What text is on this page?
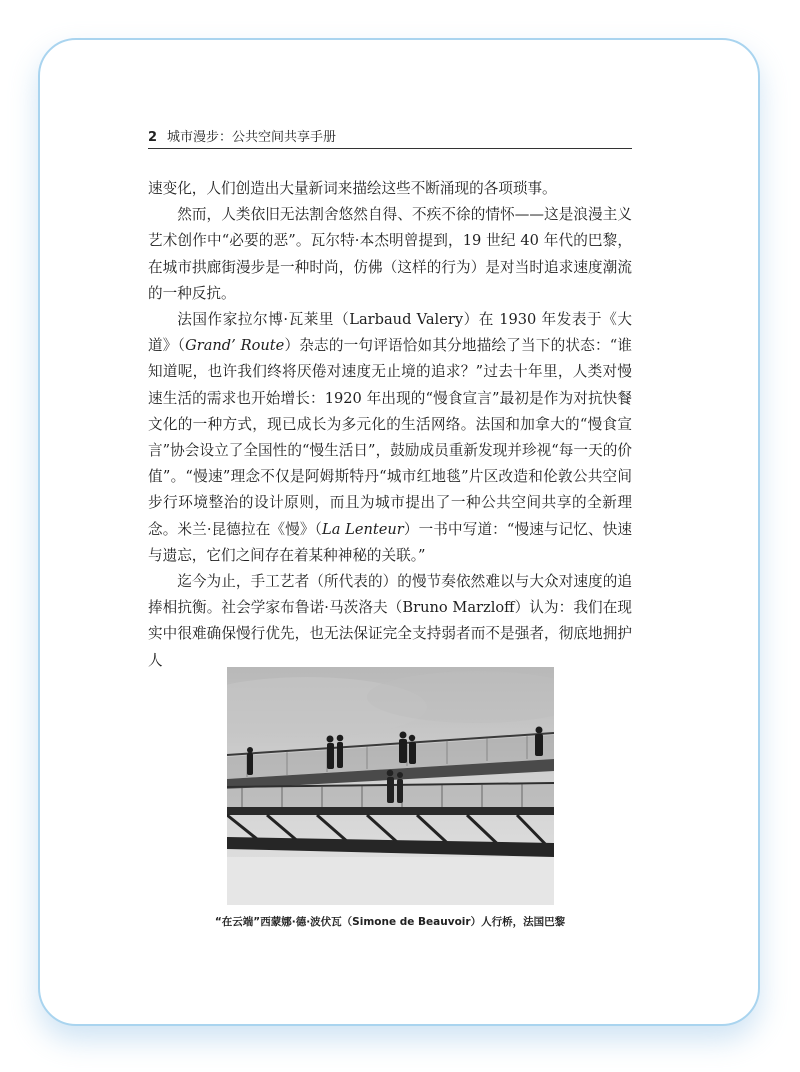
2 城市漫步：公共空间共享手册

速变化，人们创造出大量新词来描绘这些不断涌现的各项琐事。

然而，人类依旧无法割舍悠然自得、不疾不徐的情怀——这是浪漫主义艺术创作中“必要的恶”。瓦尔特·本杰明曾提到，19 世纪 40 年代的巴黎，在城市拱廊街漫步是一种时尚，仿佛（这样的行为）是对当时追求速度潮流的一种反抗。

法国作家拉尔博·瓦莱里（Larbaud Valery）在 1930 年发表于《大道》（Grand’ Route）杂志的一句评语恰如其分地描绘了当下的状态：“谁知道呢，也许我们终将厌倦对速度无止境的追求？”过去十年里，人类对慢速生活的需求也开始增长：1920 年出现的“慢食宣言”最初是作为对抗快餐文化的一种方式，现已成长为多元化的生活网络。法国和加拿大的“慢食宣言”协会设立了全国性的“慢生活日”，鼓励成员重新发现并珍视“每一天的价值”。“慢速”理念不仅是阿姆斯特丹“城市红地毯”片区改造和伦敦公共空间步行环境整治的设计原则，而且为城市提出了一种公共空间共享的全新理念。米兰·昆德拉在《慢》（La Lenteur）一书中写道：“慢速与记忆、快速与遗忘，它们之间存在着某种神秘的关联。”

迄今为止，手工艺者（所代表的）的慢节奏依然难以与大众对速度的追捧相抗衡。社会学家布鲁诺·马茨洛夫（Bruno Marzloff）认为：我们在现实中很难确保慢行优先，也无法保证完全支持弱者而不是强者，彻底地拥护人

“在云端”西蒙娜·德·波伏瓦（Simone de Beauvoir）人行桥，法国巴黎
